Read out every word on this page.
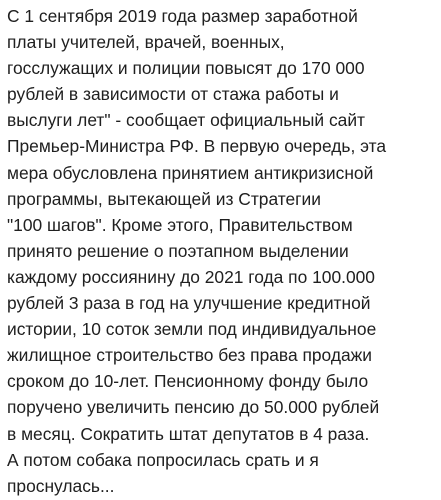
С 1 сентября 2019 года размер заработной
платы учителей, врачей, военных,
госслужащих и полиции повысят до 170 000
рублей в зависимости от стажа работы и
выслуги лет" - сообщает официальный сайт
Премьер-Министра РФ. В первую очередь, эта
мера обусловлена принятием антикризисной
программы, вытекающей из Стратегии
"100 шагов". Кроме этого, Правительством
принято решение о поэтапном выделении
каждому россиянину до 2021 года по 100.000
рублей 3 раза в год на улучшение кредитной
истории, 10 соток земли под индивидуальное
жилищное строительство без права продажи
сроком до 10-лет. Пенсионному фонду было
поручено увеличить пенсию до 50.000 рублей
в месяц. Сократить штат депутатов в 4 раза.
А потом собака попросилась срать и я
проснулась...
